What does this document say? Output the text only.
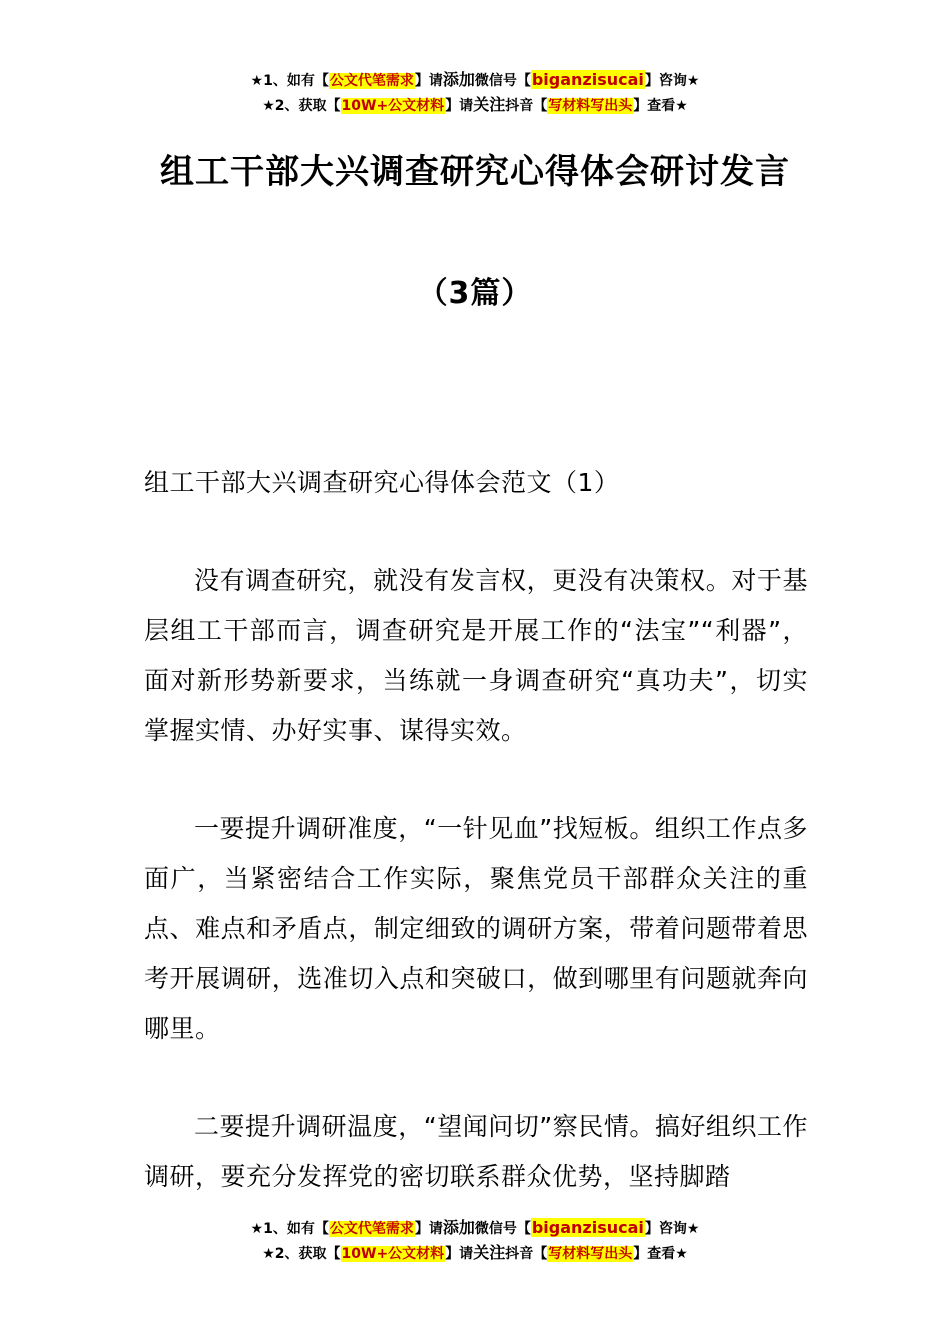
★1、如有【公文代笔需求】请添加微信号【biganzisucai】咨询★
★2、获取【10W+公文材料】请关注抖音【写材料写出头】查看★
组工干部大兴调查研究心得体会研讨发言
（3篇）

组工干部大兴调查研究心得体会范文（1）

没有调查研究，就没有发言权，更没有决策权。对于基层组工干部而言，调查研究是开展工作的“法宝”“利器”，面对新形势新要求，当练就一身调查研究“真功夫”，切实掌握实情、办好实事、谋得实效。

一要提升调研准度，“一针见血”找短板。组织工作点多面广，当紧密结合工作实际，聚焦党员干部群众关注的重点、难点和矛盾点，制定细致的调研方案，带着问题带着思考开展调研，选准切入点和突破口，做到哪里有问题就奔向哪里。

二要提升调研温度，“望闻问切”察民情。搞好组织工作调研，要充分发挥党的密切联系群众优势，坚持脚踏

★1、如有【公文代笔需求】请添加微信号【biganzisucai】咨询★
★2、获取【10W+公文材料】请关注抖音【写材料写出头】查看★
